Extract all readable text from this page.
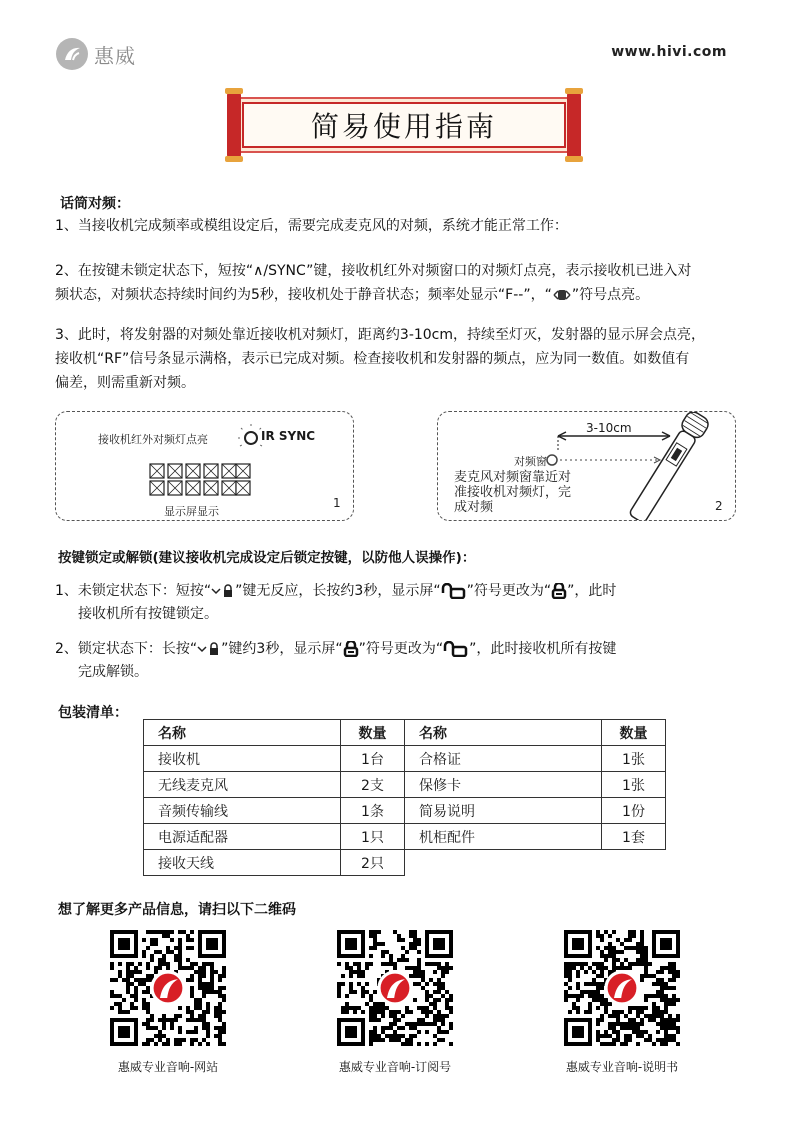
惠威	www.hivi.com
简易使用指南
话筒对频：
1、当接收机完成频率或模组设定后，需要完成麦克风的对频，系统才能正常工作：
2、在按键未锁定状态下，短按“∧/SYNC”键，接收机红外对频窗口的对频灯点亮，表示接收机已进入对
频状态，对频状态持续时间约为5秒，接收机处于静音状态；频率处显示“F--”，“ ”符号点亮。
3、此时，将发射器的对频处靠近接收机对频灯，距离约3-10cm，持续至灯灭，发射器的显示屏会点亮，
接收机“RF”信号条显示满格，表示已完成对频。检查接收机和发射器的频点，应为同一数值。如数值有
偏差，则需重新对频。
接收机红外对频灯点亮	IR SYNC
显示屏显示
1
3-10cm
对频窗
麦克风对频窗靠近对
准接收机对频灯，完
成对频	2
按键锁定或解锁(建议接收机完成设定后锁定按键，以防他人误操作)：
1、未锁定状态下：短按“ ”键无反应，长按约3秒，显示屏“ ”符号更改为“ ”，此时
接收机所有按键锁定。
2、锁定状态下：长按“ ”键约3秒，显示屏“ ”符号更改为“ ”，此时接收机所有按键
完成解锁。
包装清单：
名称	数量	名称	数量
接收机	1台	合格证	1张
无线麦克风	2支	保修卡	1张
音频传输线	1条	简易说明	1份
电源适配器	1只	机柜配件	1套
接收天线	2只		
想了解更多产品信息，请扫以下二维码
惠威专业音响-网站	惠威专业音响-订阅号	惠威专业音响-说明书
